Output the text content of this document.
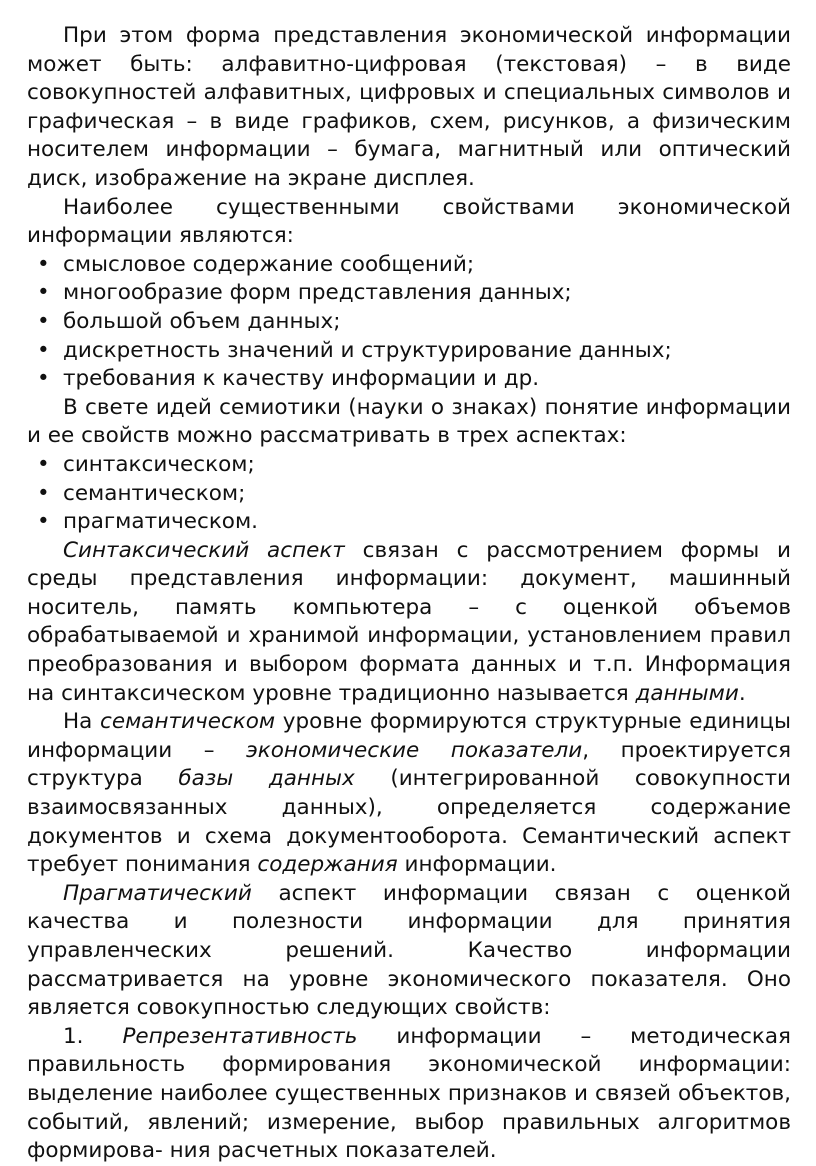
При этом форма представления экономической информации может быть: алфавитно-цифровая (текстовая) – в виде совокупностей алфавитных, цифровых и специальных символов и графическая – в виде графиков, схем, рисунков, а физическим носителем информации – бумага, магнитный или оптический диск, изображение на экране дисплея.

Наиболее существенными свойствами экономической информации являются:

• смысловое содержание сообщений;
• многообразие форм представления данных;
• большой объем данных;
• дискретность значений и структурирование данных;
• требования к качеству информации и др.

В свете идей семиотики (науки о знаках) понятие информации и ее свойств можно рассматривать в трех аспектах:

• синтаксическом;
• семантическом;
• прагматическом.

Синтаксический аспект связан с рассмотрением формы и среды представления информации: документ, машинный носитель, память компьютера – с оценкой объемов обрабатываемой и хранимой информации, установлением правил преобразования и выбором формата данных и т.п. Информация на синтаксическом уровне традиционно называется данными.

На семантическом уровне формируются структурные единицы информации – экономические показатели, проектируется структура базы данных (интегрированной совокупности взаимосвязанных данных), определяется содержание документов и схема документооборота. Семантический аспект требует понимания содержания информации.

Прагматический аспект информации связан с оценкой качества и полезности информации для принятия управленческих решений. Качество информации рассматривается на уровне экономического показателя. Оно является совокупностью следующих свойств:

1. Репрезентативность информации – методическая правильность формирования экономической информации: выделение наиболее существенных признаков и связей объектов, событий, явлений; измерение, выбор правильных алгоритмов формирова- ния расчетных показателей.
